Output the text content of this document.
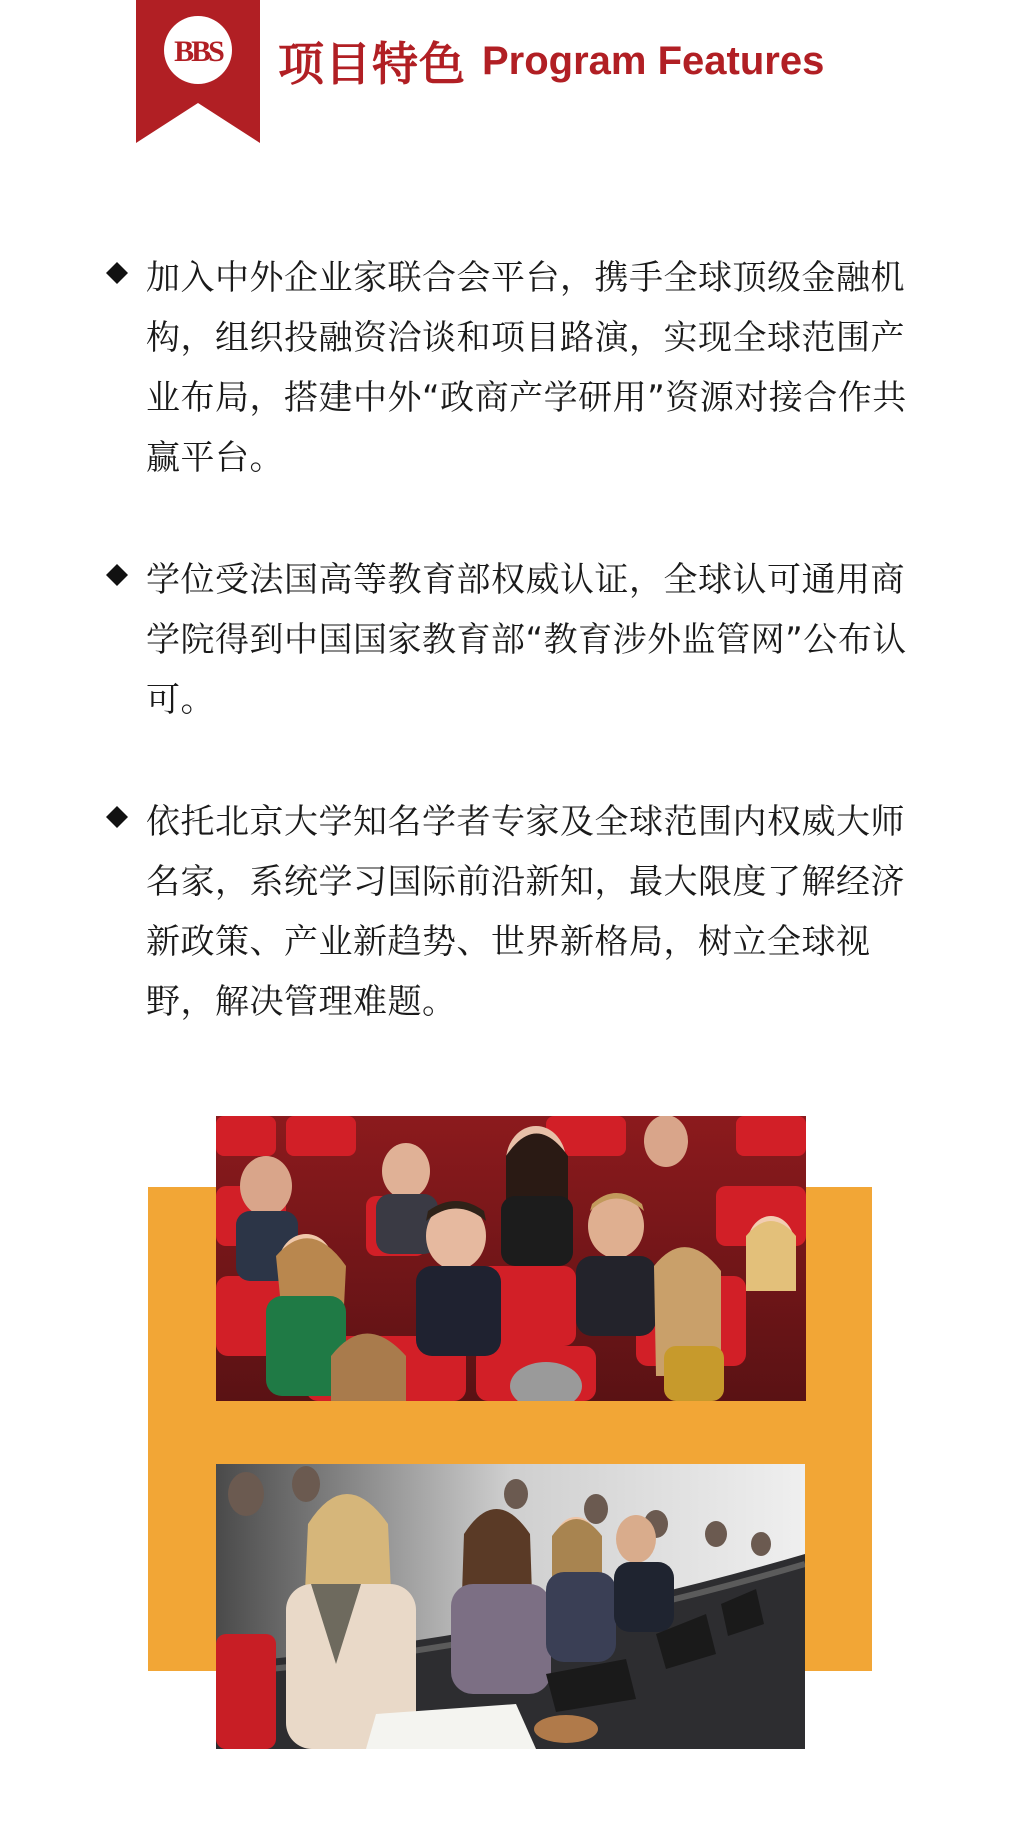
BBS 项目特色 Program Features
加入中外企业家联合会平台，携手全球顶级金融机构，组织投融资洽谈和项目路演，实现全球范围产业布局，搭建中外“政商产学研用”资源对接合作共赢平台。
学位受法国高等教育部权威认证，全球认可通用商学院得到中国国家教育部“教育涉外监管网”公布认可。
依托北京大学知名学者专家及全球范围内权威大师名家，系统学习国际前沿新知，最大限度了解经济新政策、产业新趋势、世界新格局，树立全球视野，解决管理难题。
